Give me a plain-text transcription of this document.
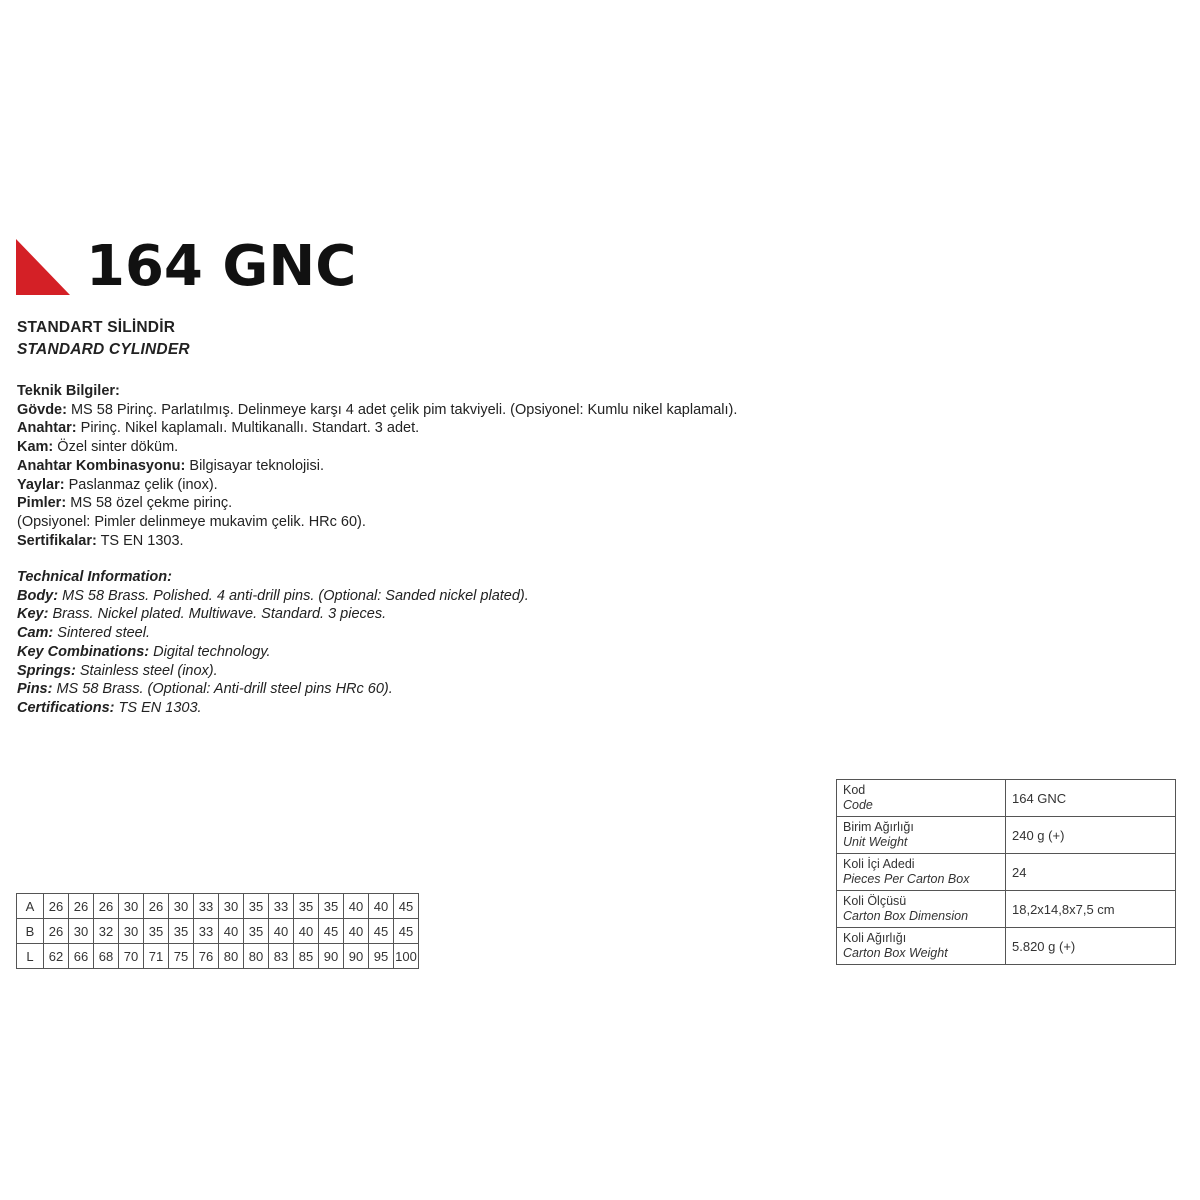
164 GNC
STANDART SİLİNDİR
STANDARD CYLINDER
Teknik Bilgiler:
Gövde: MS 58 Pirinç. Parlatılmış. Delinmeye karşı 4 adet çelik pim takviyeli. (Opsiyonel: Kumlu nikel kaplamalı).
Anahtar: Pirinç. Nikel kaplamalı. Multikanallı. Standart. 3 adet.
Kam: Özel sinter döküm.
Anahtar Kombinasyonu: Bilgisayar teknolojisi.
Yaylar: Paslanmaz çelik (inox).
Pimler: MS 58 özel çekme pirinç.
(Opsiyonel: Pimler delinmeye mukavim çelik. HRc 60).
Sertifikalar: TS EN 1303.
Technical Information:
Body: MS 58 Brass. Polished. 4 anti-drill pins. (Optional: Sanded nickel plated).
Key: Brass. Nickel plated. Multiwave. Standard. 3 pieces.
Cam: Sintered steel.
Key Combinations: Digital technology.
Springs: Stainless steel (inox).
Pins: MS 58 Brass. (Optional: Anti-drill steel pins HRc 60).
Certifications: TS EN 1303.
A	26	26	26	30	26	30	33	30	35	33	35	35	40	40	45
B	26	30	32	30	35	35	33	40	35	40	40	45	40	45	45
L	62	66	68	70	71	75	76	80	80	83	85	90	90	95	100
Kod
Code	164 GNC

Birim Ağırlığı
Unit Weight	240 g (+)

Koli İçi Adedi
Pieces Per Carton Box	24

Koli Ölçüsü
Carton Box Dimension	18,2x14,8x7,5 cm

Koli Ağırlığı
Carton Box Weight	5.820 g (+)
